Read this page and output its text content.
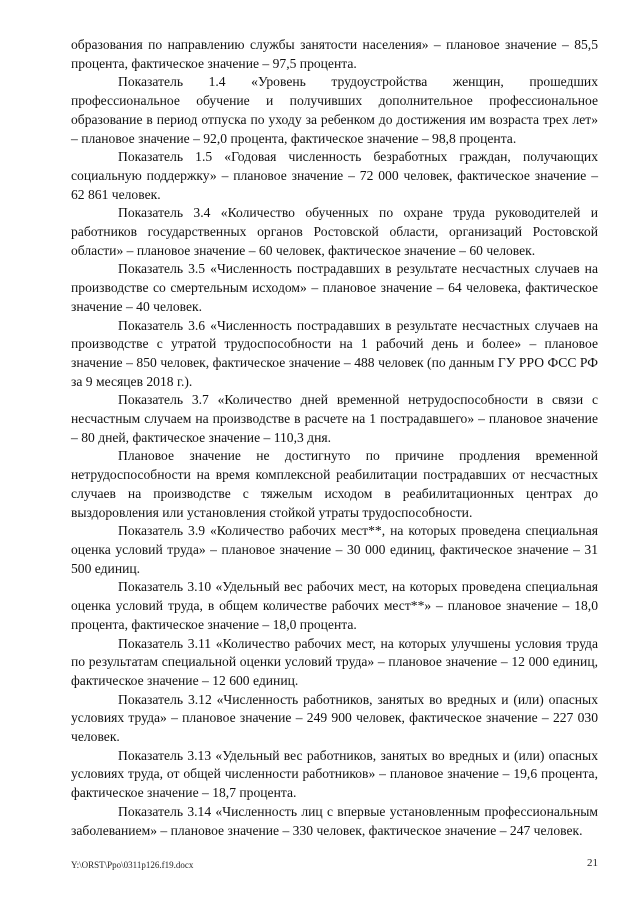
образования по направлению службы занятости населения» – плановое значение – 85,5 процента, фактическое значение – 97,5 процента.

Показатель 1.4 «Уровень трудоустройства женщин, прошедших профессиональное обучение и получивших дополнительное профессиональное образование в период отпуска по уходу за ребенком до достижения им возраста трех лет» – плановое значение – 92,0 процента, фактическое значение – 98,8 процента.

Показатель 1.5 «Годовая численность безработных граждан, получающих социальную поддержку» – плановое значение – 72 000 человек, фактическое значение – 62 861 человек.

Показатель 3.4 «Количество обученных по охране труда руководителей и работников государственных органов Ростовской области, организаций Ростовской области» – плановое значение – 60 человек, фактическое значение – 60 человек.

Показатель 3.5 «Численность пострадавших в результате несчастных случаев на производстве со смертельным исходом» – плановое значение – 64 человека, фактическое значение – 40 человек.

Показатель 3.6 «Численность пострадавших в результате несчастных случаев на производстве с утратой трудоспособности на 1 рабочий день и более» – плановое значение – 850 человек, фактическое значение – 488 человек (по данным ГУ РРО ФСС РФ за 9 месяцев 2018 г.).

Показатель 3.7 «Количество дней временной нетрудоспособности в связи с несчастным случаем на производстве в расчете на 1 пострадавшего» – плановое значение – 80 дней, фактическое значение – 110,3 дня.

Плановое значение не достигнуто по причине продления временной нетрудоспособности на время комплексной реабилитации пострадавших от несчастных случаев на производстве с тяжелым исходом в реабилитационных центрах до выздоровления или установления стойкой утраты трудоспособности.

Показатель 3.9 «Количество рабочих мест**, на которых проведена специальная оценка условий труда» – плановое значение – 30 000 единиц, фактическое значение – 31 500 единиц.

Показатель 3.10 «Удельный вес рабочих мест, на которых проведена специальная оценка условий труда, в общем количестве рабочих мест**» – плановое значение – 18,0 процента, фактическое значение – 18,0 процента.

Показатель 3.11 «Количество рабочих мест, на которых улучшены условия труда по результатам специальной оценки условий труда» – плановое значение – 12 000 единиц, фактическое значение – 12 600 единиц.

Показатель 3.12 «Численность работников, занятых во вредных и (или) опасных условиях труда» – плановое значение – 249 900 человек, фактическое значение – 227 030 человек.

Показатель 3.13 «Удельный вес работников, занятых во вредных и (или) опасных условиях труда, от общей численности работников» – плановое значение – 19,6 процента, фактическое значение – 18,7 процента.

Показатель 3.14 «Численность лиц с впервые установленным профессиональным заболеванием» – плановое значение – 330 человек, фактическое значение – 247 человек.

Y:\ORST\Ppo\0311p126.f19.docx	21
